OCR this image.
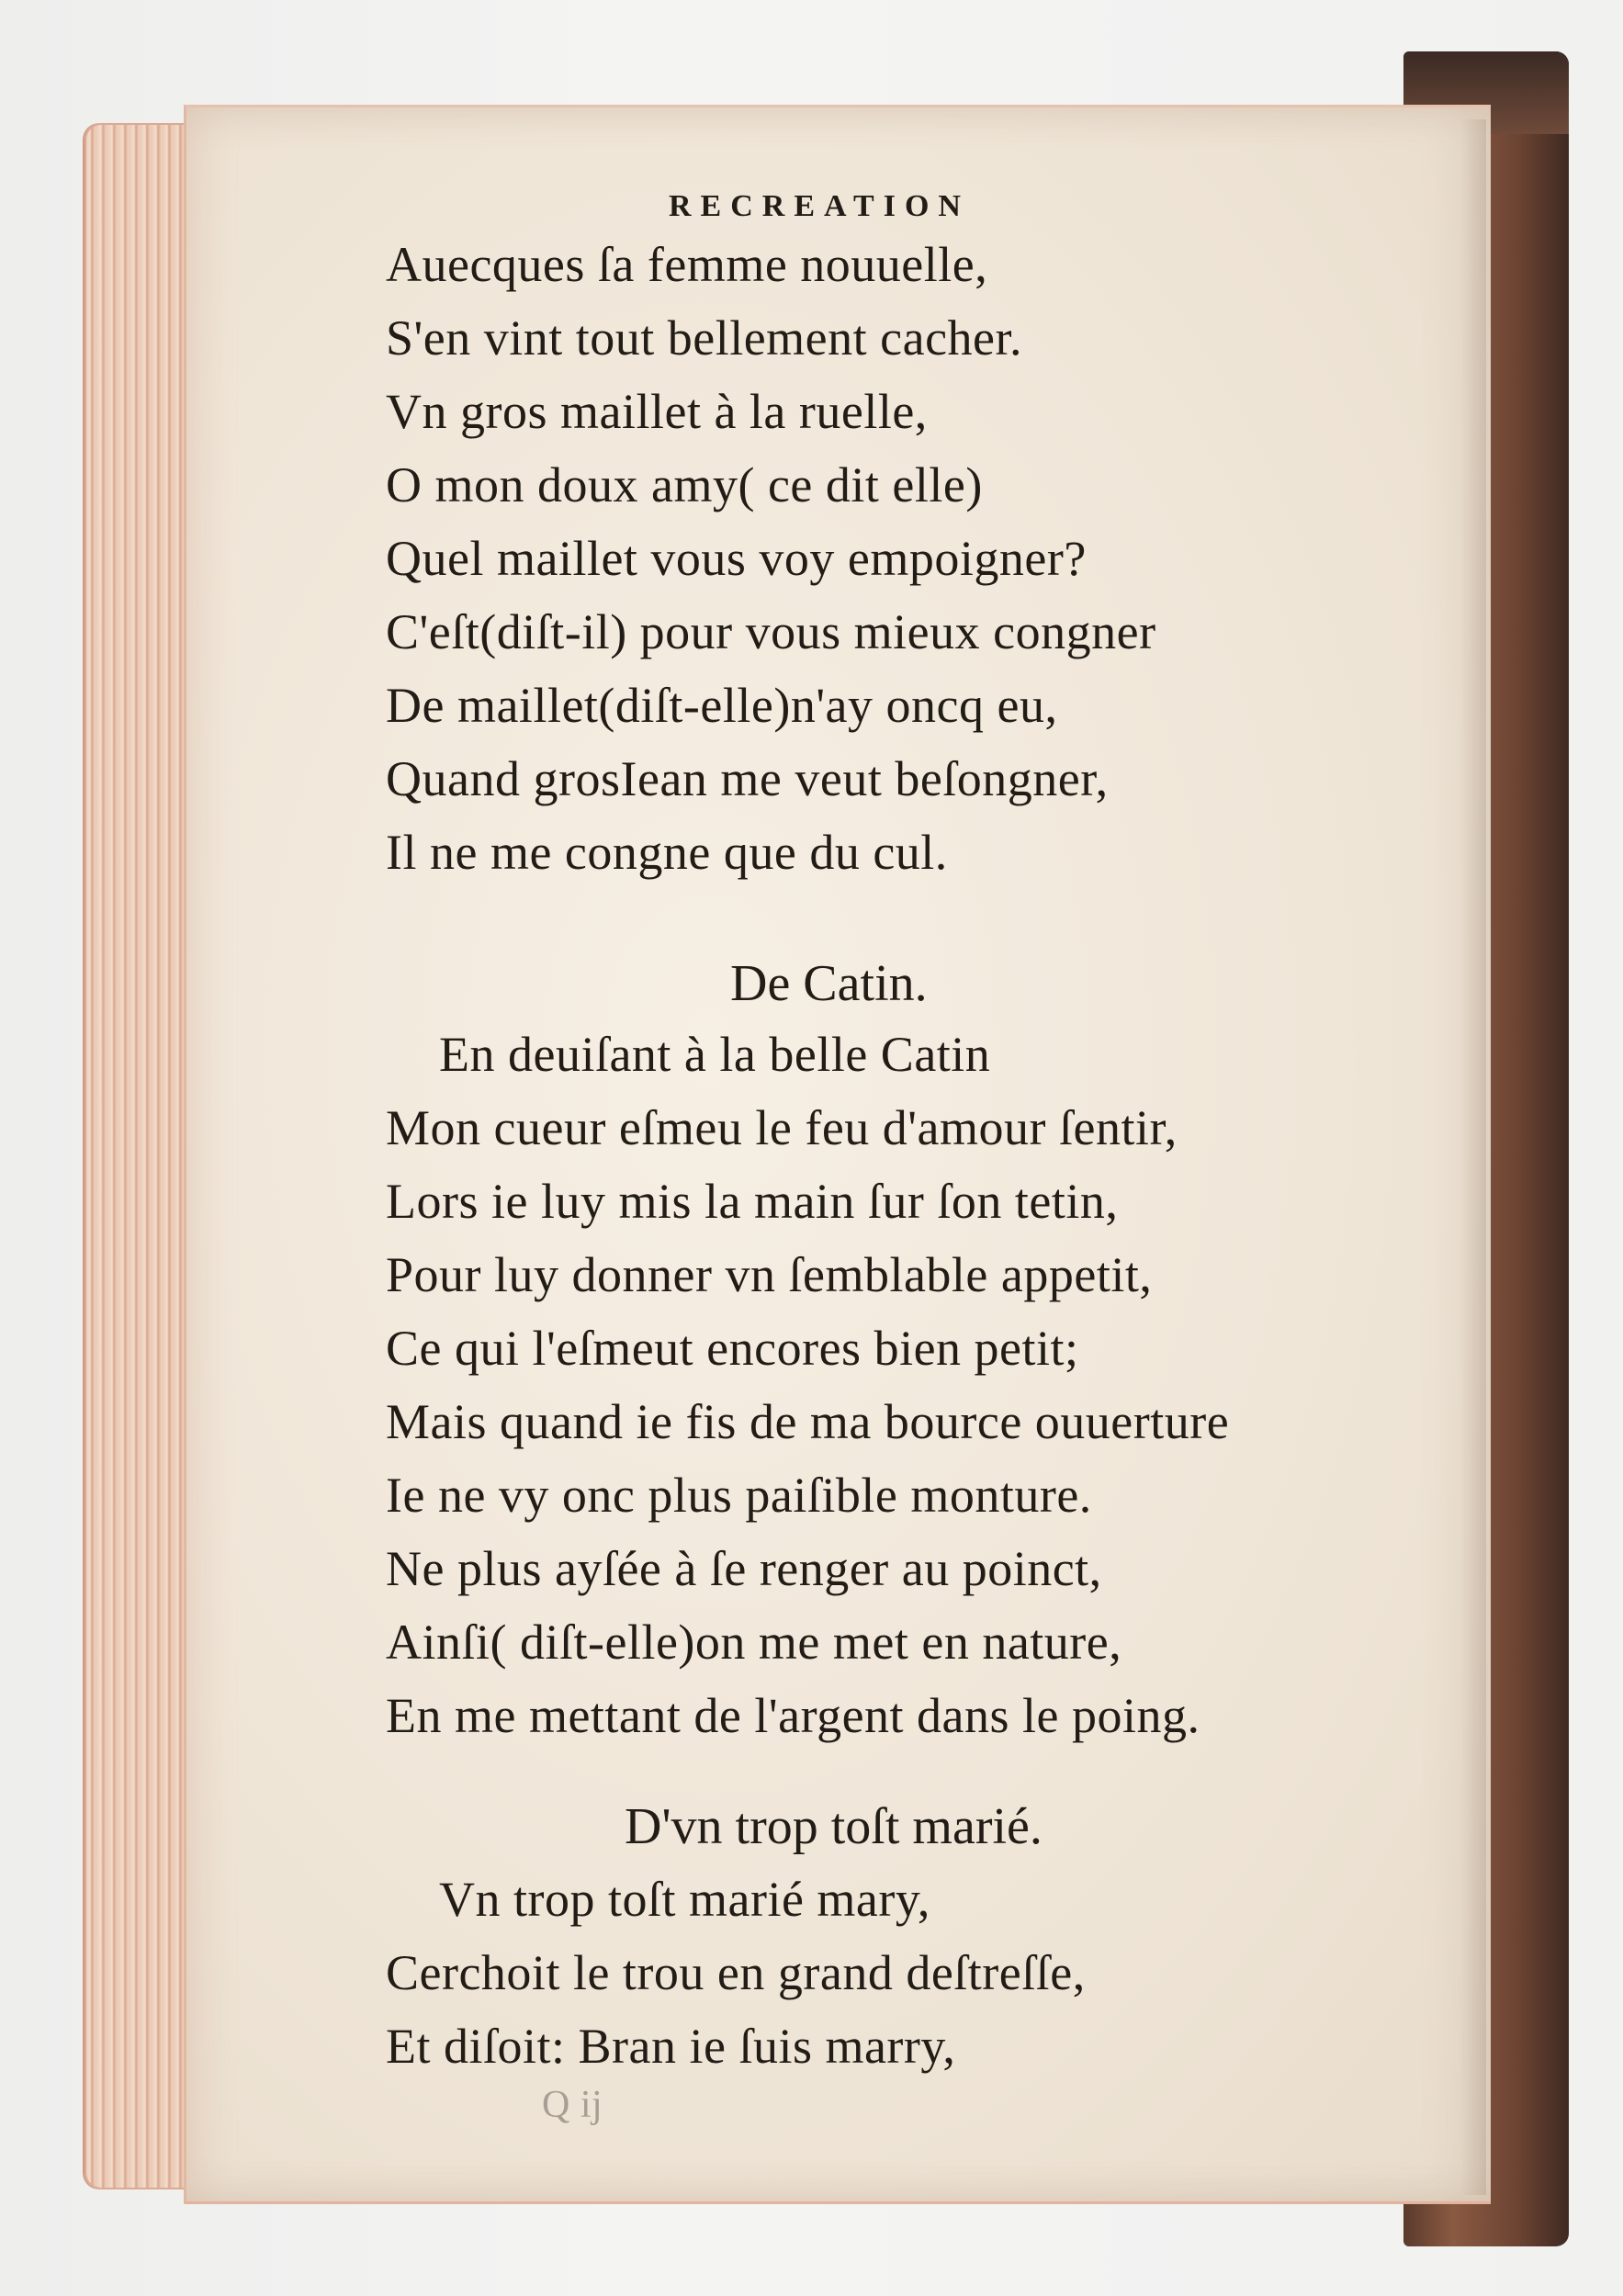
RECREATION
Auecques ſa femme nouuelle,
S'en vint tout bellement cacher.
Vn gros maillet à la ruelle,
O mon doux amy( ce dit elle)
Quel maillet vous voy empoigner?
C'eſt(diſt-il) pour vous mieux congner
De maillet(diſt-elle)n'ay oncq eu,
Quand grosIean me veut beſongner,
Il ne me congne que du cul.
De Catin.
En deuiſant à la belle Catin
Mon cueur eſmeu le feu d'amour ſentir,
Lors ie luy mis la main ſur ſon tetin,
Pour luy donner vn ſemblable appetit,
Ce qui l'eſmeut encores bien petit;
Mais quand ie fis de ma bource ouuerture
Ie ne vy onc plus paiſible monture.
Ne plus ayſée à ſe renger au poinct,
Ainſi( diſt-elle)on me met en nature,
En me mettant de l'argent dans le poing.
D'vn trop toſt marié.
Vn trop toſt marié mary,
Cerchoit le trou en grand deſtreſſe,
Et diſoit: Bran ie ſuis marry,
Q ij
